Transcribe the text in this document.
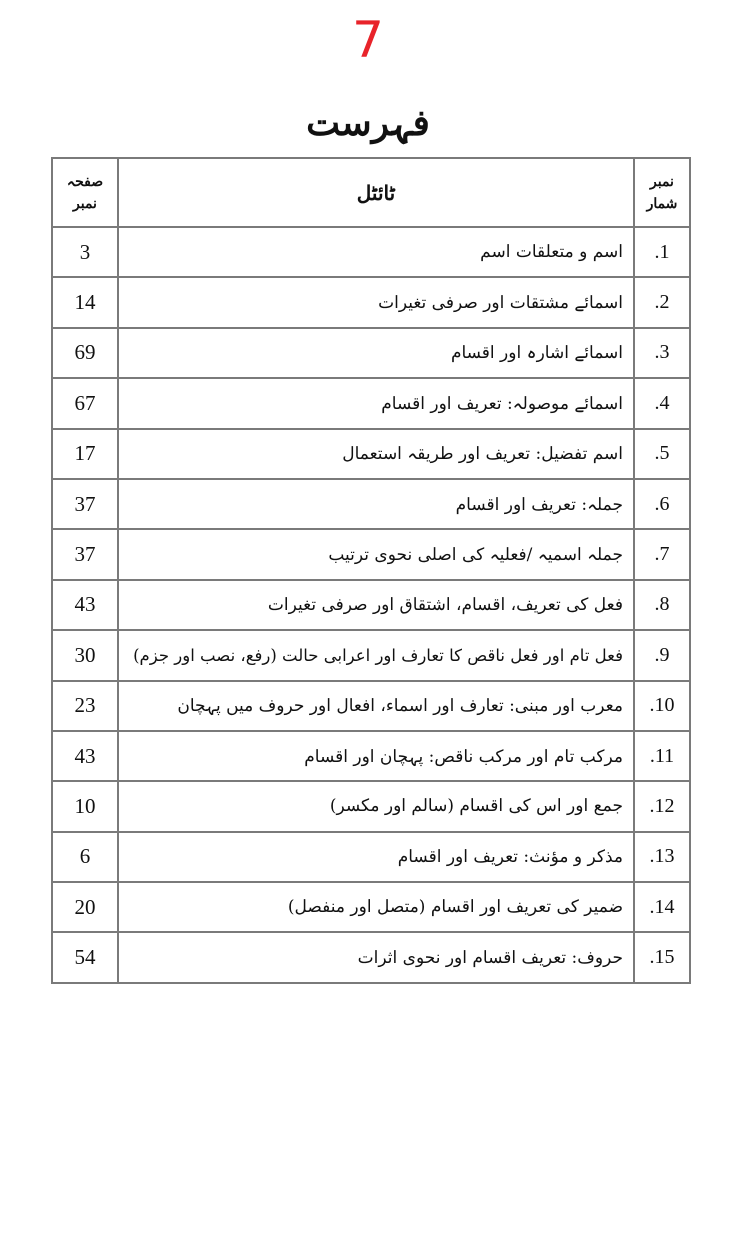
7
فہرست
نمبر
شمار	ٹائٹل	صفحہ
نمبر

1.	اسم و متعلقات اسم	3
2.	اسمائے مشتقات اور صرفی تغیرات	14
3.	اسمائے اشارہ اور اقسام	69
4.	اسمائے موصولہ: تعریف اور اقسام	67
5.	اسم تفضیل: تعریف اور طریقہ استعمال	17
6.	جملہ: تعریف اور اقسام	37
7.	جملہ اسمیہ /فعلیہ کی اصلی نحوی ترتیب	37
8.	فعل کی تعریف، اقسام، اشتقاق اور صرفی تغیرات	43
9.	فعل تام اور فعل ناقص کا تعارف اور اعرابی حالت (رفع، نصب اور جزم)	30
10.	معرب اور مبنی: تعارف اور اسماء، افعال اور حروف میں پہچان	23
11.	مرکب تام اور مرکب ناقص: پہچان اور اقسام	43
12.	جمع اور اس کی اقسام (سالم اور مکسر)	10
13.	مذکر و مؤنث: تعریف اور اقسام	6
14.	ضمیر کی تعریف اور اقسام (متصل اور منفصل)	20
15.	حروف: تعریف اقسام اور نحوی اثرات	54
